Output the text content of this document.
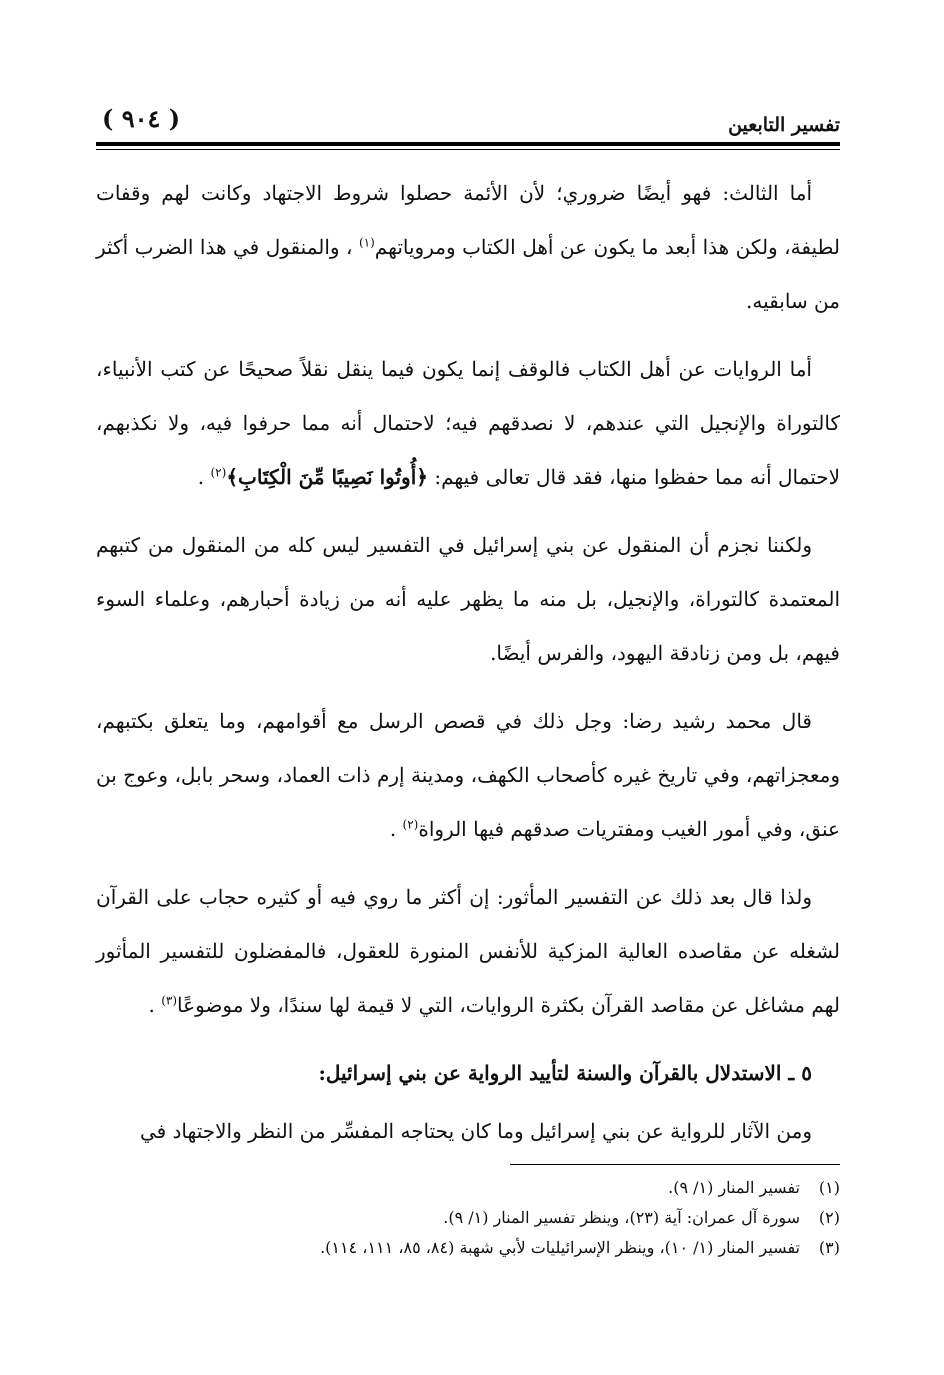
تفسير التابعين
( ٩٠٤ )

أما الثالث: فهو أيضًا ضروري؛ لأن الأئمة حصلوا شروط الاجتهاد وكانت لهم وقفات لطيفة، ولكن هذا أبعد ما يكون عن أهل الكتاب ومروياتهم$^{(١)}$ ، والمنقول في هذا الضرب أكثر من سابقيه.

أما الروايات عن أهل الكتاب فالوقف إنما يكون فيما ينقل نقلاً صحيحًا عن كتب الأنبياء، كالتوراة والإنجيل التي عندهم، لا نصدقهم فيه؛ لاحتمال أنه مما حرفوا فيه، ولا نكذبهم، لاحتمال أنه مما حفظوا منها، فقد قال تعالى فيهم: ﴿أُوتُوا نَصِيبًا مِّنَ الْكِتَابِ﴾$^{(٢)}$ .

ولكننا نجزم أن المنقول عن بني إسرائيل في التفسير ليس كله من المنقول من كتبهم المعتمدة كالتوراة، والإنجيل، بل منه ما يظهر عليه أنه من زيادة أحبارهم، وعلماء السوء فيهم، بل ومن زنادقة اليهود، والفرس أيضًا.

قال محمد رشيد رضا: وجل ذلك في قصص الرسل مع أقوامهم، وما يتعلق بكتبهم، ومعجزاتهم، وفي تاريخ غيره كأصحاب الكهف، ومدينة إرم ذات العماد، وسحر بابل، وعوج بن عنق، وفي أمور الغيب ومفتريات صدقهم فيها الرواة$^{(٢)}$ .

ولذا قال بعد ذلك عن التفسير المأثور: إن أكثر ما روي فيه أو كثيره حجاب على القرآن لشغله عن مقاصده العالية المزكية للأنفس المنورة للعقول، فالمفضلون للتفسير المأثور لهم مشاغل عن مقاصد القرآن بكثرة الروايات، التي لا قيمة لها سندًا، ولا موضوعًا$^{(٣)}$ .

٥ ـ الاستدلال بالقرآن والسنة لتأييد الرواية عن بني إسرائيل:

ومن الآثار للرواية عن بني إسرائيل وما كان يحتاجه المفسِّر من النظر والاجتهاد في

(١)
تفسير المنار (١/ ٩).
(٢)
سورة آل عمران: آية (٢٣)، وينظر تفسير المنار (١/ ٩).
(٣)
تفسير المنار (١/ ١٠)، وينظر الإسرائيليات لأبي شهبة (٨٤، ٨٥، ١١١، ١١٤).
